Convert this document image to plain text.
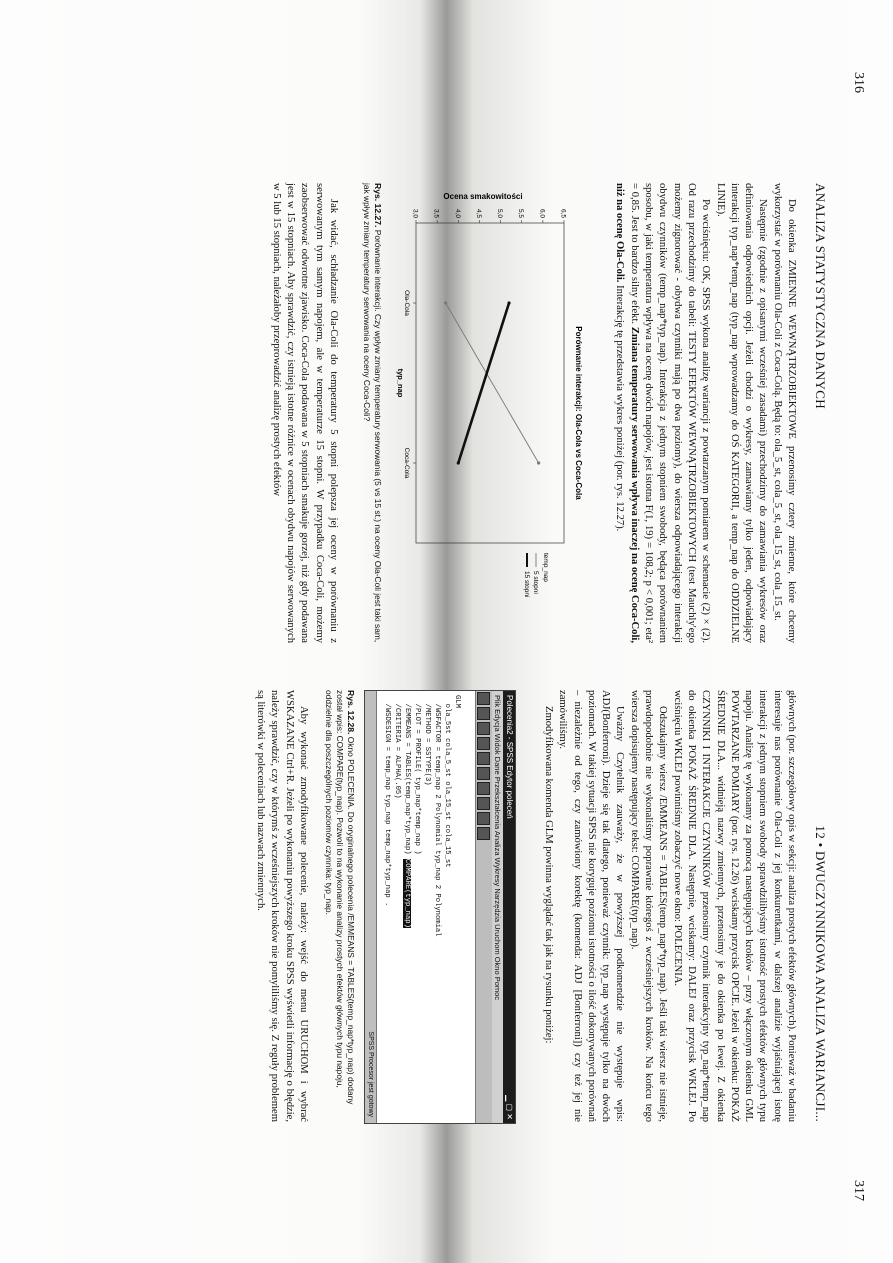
316
317
ANALIZA STATYSTYCZNA DANYCH

Do okienka ZMIENNE WEWNĄTRZOBIEKTOWE przenosimy cztery zmienne, które chcemy wykorzystać w porównaniu Ola-Coli z Coca-Colą. Będą to: ola_5_st, cola_5_st, ola_15_st, cola_15_st.

Następnie (zgodnie z opisanymi wcześniej zasadami) przechodzimy do zamawiania wykresów oraz definiowania odpowiednich opcji. Jeżeli chodzi o wykresy, zamawiamy tylko jeden, odpowiadający interakcji typ_nap*temp_nap (typ_nap wprowadzamy do OŚ KATEGORII, a temp_nap do ODDZIELNE LINIE).

Po wciśnięciu: OK, SPSS wykona analizę wariancji z powtarzanym pomiarem w schemacie (2) × (2). Od razu przechodzimy do tabeli: TESTY EFEKTÓW WEWNĄTRZOBIEKTOWYCH (test Mauchly'ego możemy zignorować - obydwa czynniki mają po dwa poziomy), do wiersza odpowiadającego interakcji obydwu czynników (temp_nap*typ_nap). Interakcja z jednym stopniem swobody, będąca porównaniem sposobu, w jaki temperatura wpływa na ocenę dwóch napojów, jest istotna F(1, 19) = 108,2; p < 0,001; eta² = 0,85. Jest to bardzo silny efekt. Zmiana temperatury serwowania wpływa inaczej na ocenę Coca-Coli, niż na ocenę Ola-Coli. Interakcję tę przedstawia wykres poniżej (por. rys. 12.27).

Porównanie interakcji: Ola-Cola vs Coca-Cola
Ocena smakowitości
typ_nap
3,0 3,5 4,0 4,5 5,0 5,5 6,0 6,5
Ola-Cola
Coca-Cola
temp_nap
5 stopni
15 stopni
Rys. 12.27. Porównanie interakcji. Czy wpływ zmiany temperatury serwowania (5 vs 15 st.) na oceny Ola-Coli jest taki sam, jak wpływ zmiany temperatury serwowania na oceny Coca-Coli?

Jak widać, schładzanie Ola-Coli do temperatury 5 stopni polepsza jej oceny w porównaniu z serwowanym tym samym napojem, ale w temperaturze 15 stopni. W przypadku Coca-Coli, możemy zaobserwować odwrotne zjawisko. Coca-Cola podawana w 5 stopniach smakuje gorzej, niż gdy podawana jest w 15 stopniach. Aby sprawdzić, czy istnieją istotne różnice w ocenach obydwu napojów serwowanych w 5 lub 15 stopniach, należałoby przeprowadzić analizę prostych efektów

12 • DWUCZYNNIKOWA ANALIZA WARIANCJI...

głównych (por. szczegółowy opis w sekcji: analiza prostych efektów głównych). Ponieważ w badaniu interesuje nas porównanie Ola-Coli z jej konkurentkami, w dalszej analizie wyjaśniającej istotę interakcji z jednym stopniem swobody sprawdzilibyśmy istotność prostych efektów głównych typu napoju. Analizę tę wykonamy za pomocą następujących kroków – przy włączonym okienku GML POWTARZANE POMIARY (por. rys. 12.26) wciskamy przycisk OPCJE. Jeżeli w okienku: POKAŻ ŚREDNIE DLA... widnieją nazwy zmiennych, przenosimy je do okienka po lewej. Z okienka CZYNNIKI I INTERAKCJE CZYNNIKÓW przenosimy czynnik interakcyjny typ_nap*temp_nap do okienka POKAŻ ŚREDNIE DLA. Następnie, wciskamy: DALEJ oraz przycisk WKLEJ. Po wciśnięciu WKLEJ powinniśmy zobaczyć nowe okno: POLECENIA.

Odszukajmy wiersz /EMMEANS = TABLES(temp_nap*typ_nap). Jeśli taki wiersz nie istnieje, prawdopodobnie nie wykonaliśmy poprawnie któregoś z wcześniejszych kroków. Na końcu tego wiersza dopisujemy następujący tekst: COMPARE(typ_nap).

Uważny Czytelnik zauważy, że w powyższej podkomendzie nie występuje wpis: ADJ(Bonferroni). Dzieje się tak dlatego, ponieważ czynnik: typ_nap występuje tylko na dwóch poziomach. W takiej sytuacji SPSS nie koryguje poziomu istotności o ilość dokonywanych porównań – niezależnie od tego, czy zamówiony korektę (komenda: ADJ [Bonferroni]) czy też jej nie zamówiliśmy.

Zmodyfikowana komenda GLM powinna wyglądać tak jak na rysunku poniżej:

Polecenia2 - SPSS Edytor poleceń
▁ ▢ ✕
Plik Edycja Widok Dane Przekształcenia Analiza Wykresy Narzędzia Uruchom Okno Pomoc

GLM
ola_5st cola_5_st ola_15_st cola_15_st
/WSFACTOR = temp_nap 2 Polynomial typ_nap 2 Polynomial
/METHOD = SSTYPE(3)
/PLOT = PROFILE( typ_nap*temp_nap )
/EMMEANS = TABLES(temp_nap*typ_nap) COMPARE(typ_nap)
/CRITERIA = ALPHA(.05)
/WSDESIGN = temp_nap typ_nap temp_nap*typ_nap .
SPSS Procesor jest gotowy
Rys. 12.28. Okno POLECENIA. Do oryginalnego polecenia /EMMEANS = TABLES(temp_nap*typ_nap) dodany został wpis: COMPARE(typ_nap). Pozwoli to na wykonanie analizy prostych efektów głównych typu napoju, oddzielnie dla poszczególnych poziomów czynnika: typ_nap.

Aby wykonać zmodyfikowane polecenie, należy: wejść do menu URUCHOM i wybrać WSKAZANE Ctrl+R. Jeżeli po wykonaniu powyższego kroku SPSS wyświetli informację o błędzie, należy sprawdzić, czy w którymś z wcześniejszych kroków nie pomyliliśmy się. Z reguły problemem są literówki w poleceniach lub nazwach zmiennych.
